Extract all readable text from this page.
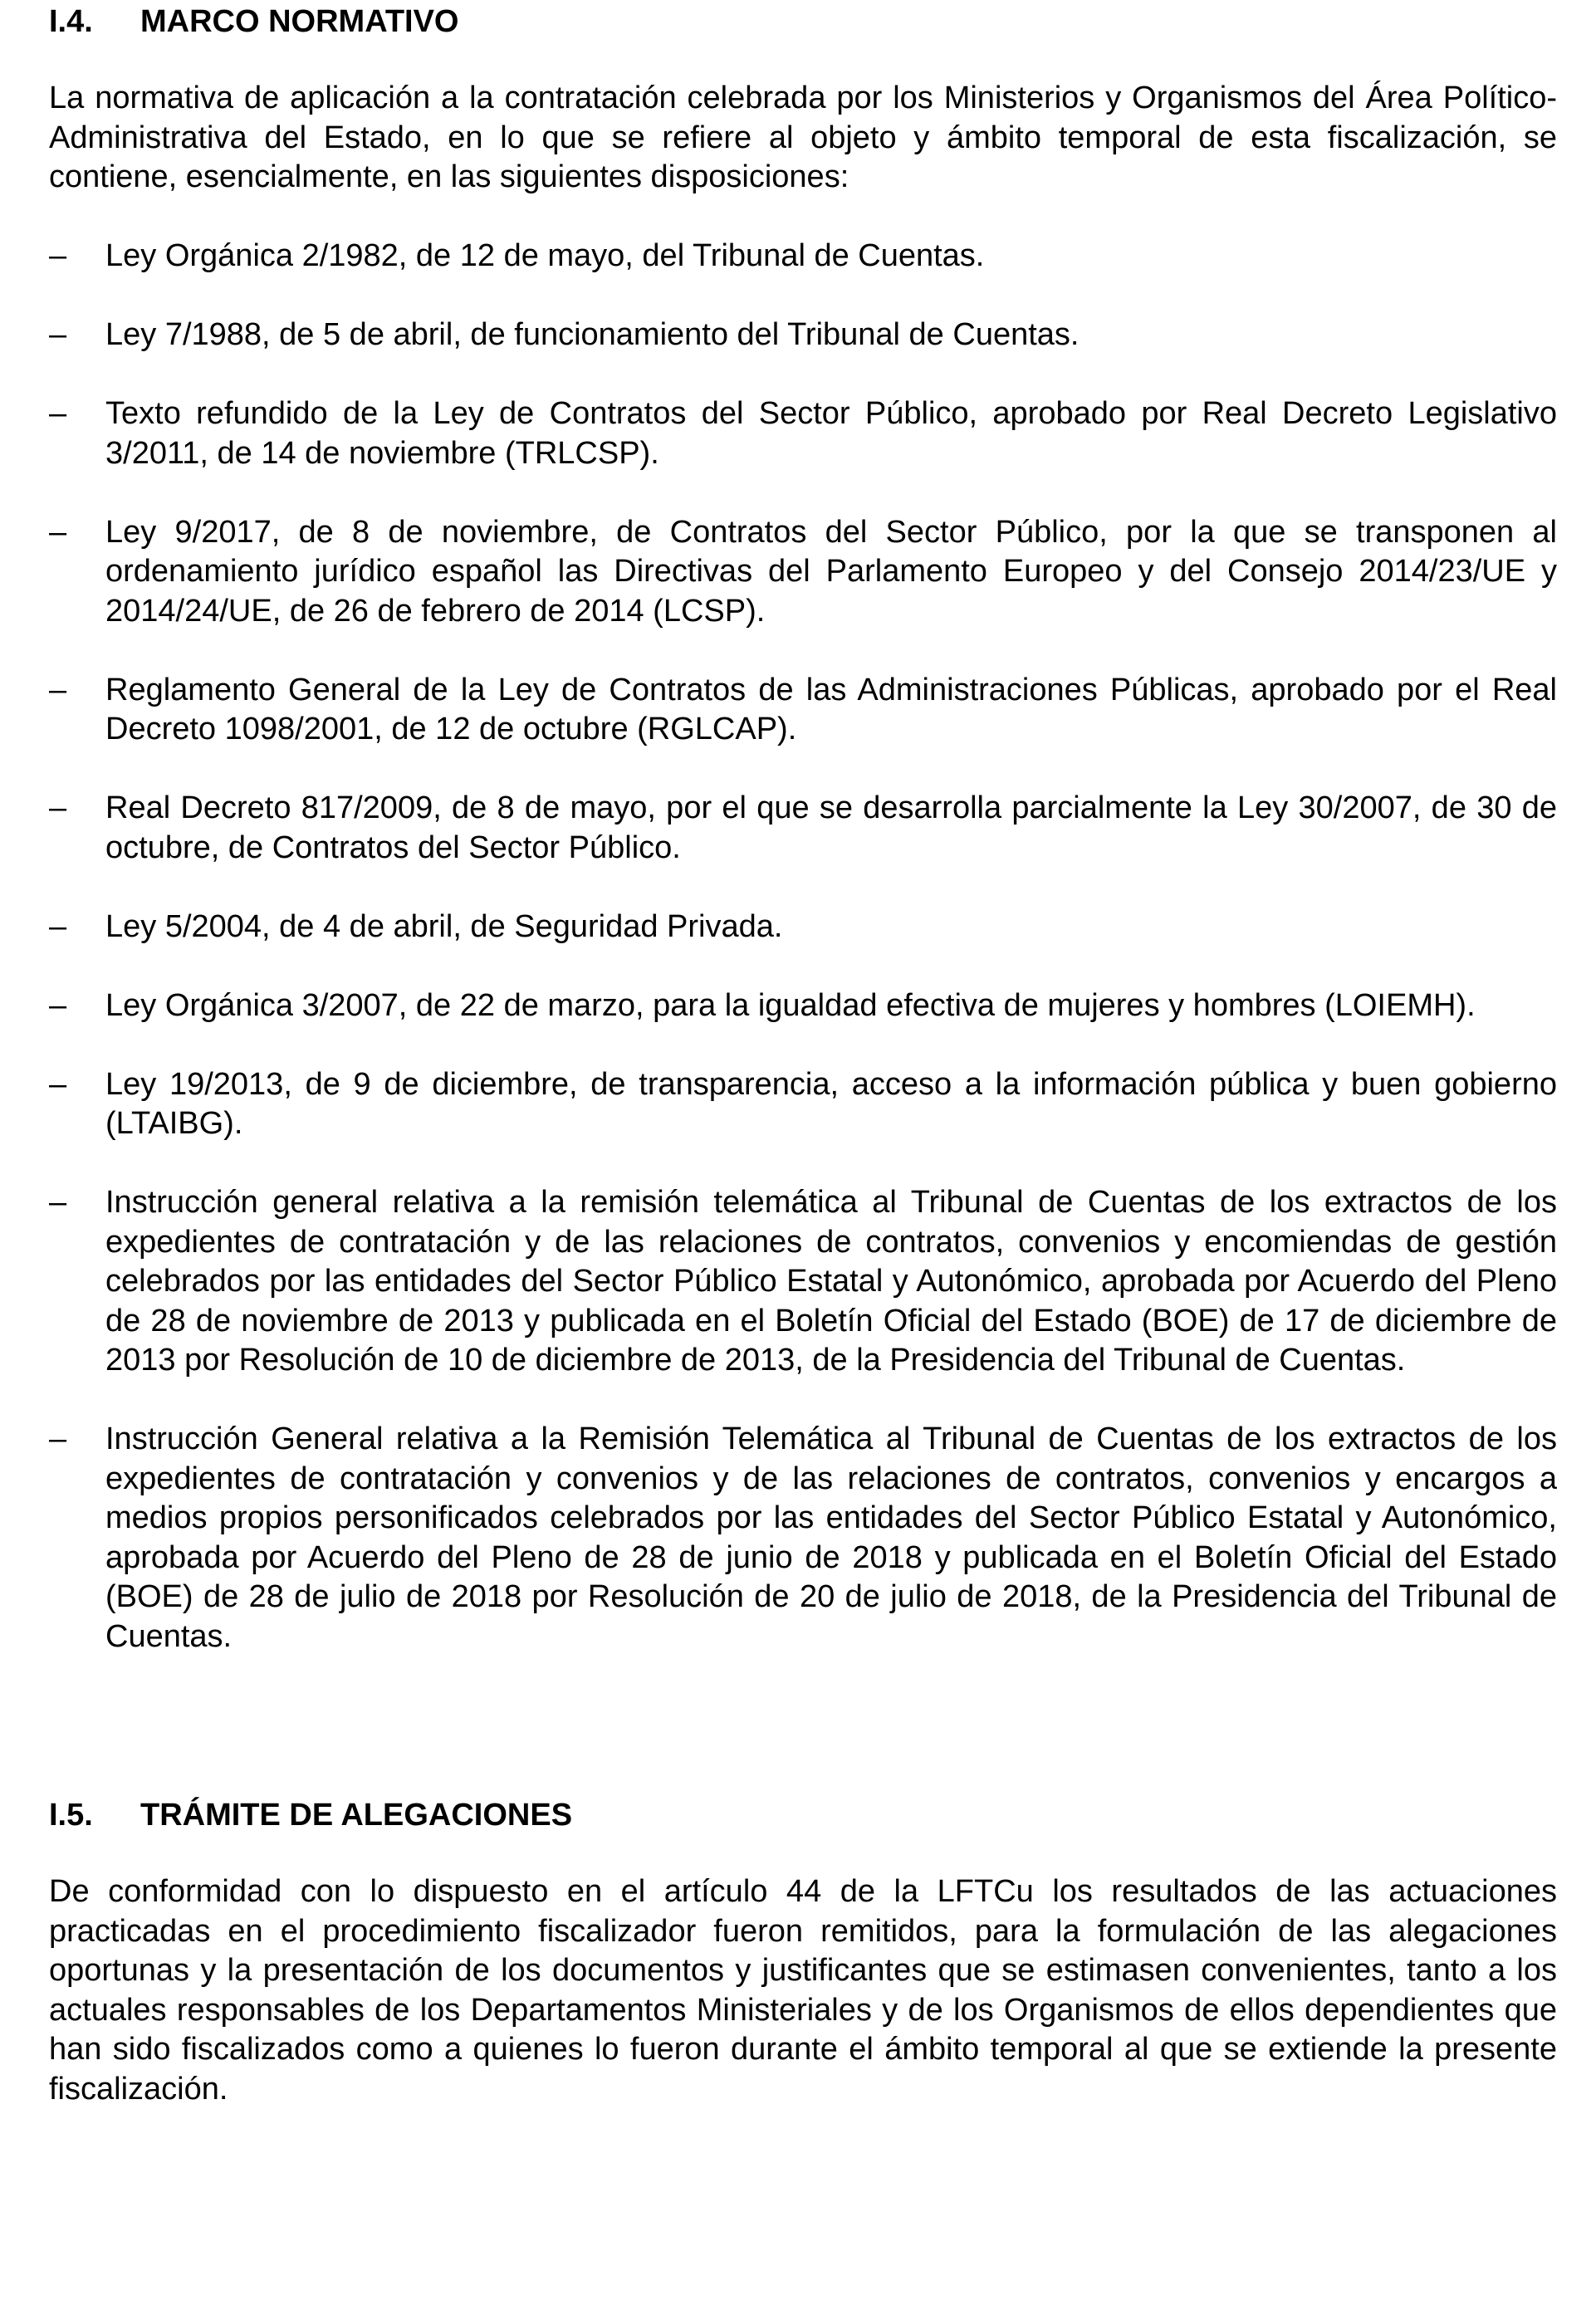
I.4.	MARCO NORMATIVO

La normativa de aplicación a la contratación celebrada por los Ministerios y Organismos del Área Político-Administrativa del Estado, en lo que se refiere al objeto y ámbito temporal de esta fiscalización, se contiene, esencialmente, en las siguientes disposiciones:

–	Ley Orgánica 2/1982, de 12 de mayo, del Tribunal de Cuentas.
–	Ley 7/1988, de 5 de abril, de funcionamiento del Tribunal de Cuentas.
–	Texto refundido de la Ley de Contratos del Sector Público, aprobado por Real Decreto Legislativo 3/2011, de 14 de noviembre (TRLCSP).
–	Ley 9/2017, de 8 de noviembre, de Contratos del Sector Público, por la que se transponen al ordenamiento jurídico español las Directivas del Parlamento Europeo y del Consejo 2014/23/UE y 2014/24/UE, de 26 de febrero de 2014 (LCSP).
–	Reglamento General de la Ley de Contratos de las Administraciones Públicas, aprobado por el Real Decreto 1098/2001, de 12 de octubre (RGLCAP).
–	Real Decreto 817/2009, de 8 de mayo, por el que se desarrolla parcialmente la Ley 30/2007, de 30 de octubre, de Contratos del Sector Público.
–	Ley 5/2004, de 4 de abril, de Seguridad Privada.
–	Ley Orgánica 3/2007, de 22 de marzo, para la igualdad efectiva de mujeres y hombres (LOIEMH).
–	Ley 19/2013, de 9 de diciembre, de transparencia, acceso a la información pública y buen gobierno (LTAIBG).
–	Instrucción general relativa a la remisión telemática al Tribunal de Cuentas de los extractos de los expedientes de contratación y de las relaciones de contratos, convenios y encomiendas de gestión celebrados por las entidades del Sector Público Estatal y Autonómico, aprobada por Acuerdo del Pleno de 28 de noviembre de 2013 y publicada en el Boletín Oficial del Estado (BOE) de 17 de diciembre de 2013 por Resolución de 10 de diciembre de 2013, de la Presidencia del Tribunal de Cuentas.
–	Instrucción General relativa a la Remisión Telemática al Tribunal de Cuentas de los extractos de los expedientes de contratación y convenios y de las relaciones de contratos, convenios y encargos a medios propios personificados celebrados por las entidades del Sector Público Estatal y Autonómico, aprobada por Acuerdo del Pleno de 28 de junio de 2018 y publicada en el Boletín Oficial del Estado (BOE) de 28 de julio de 2018 por Resolución de 20 de julio de 2018, de la Presidencia del Tribunal de Cuentas.
I.5.	TRÁMITE DE ALEGACIONES

De conformidad con lo dispuesto en el artículo 44 de la LFTCu los resultados de las actuaciones practicadas en el procedimiento fiscalizador fueron remitidos, para la formulación de las alegaciones oportunas y la presentación de los documentos y justificantes que se estimasen convenientes, tanto a los actuales responsables de los Departamentos Ministeriales y de los Organismos de ellos dependientes que han sido fiscalizados como a quienes lo fueron durante el ámbito temporal al que se extiende la presente fiscalización.
